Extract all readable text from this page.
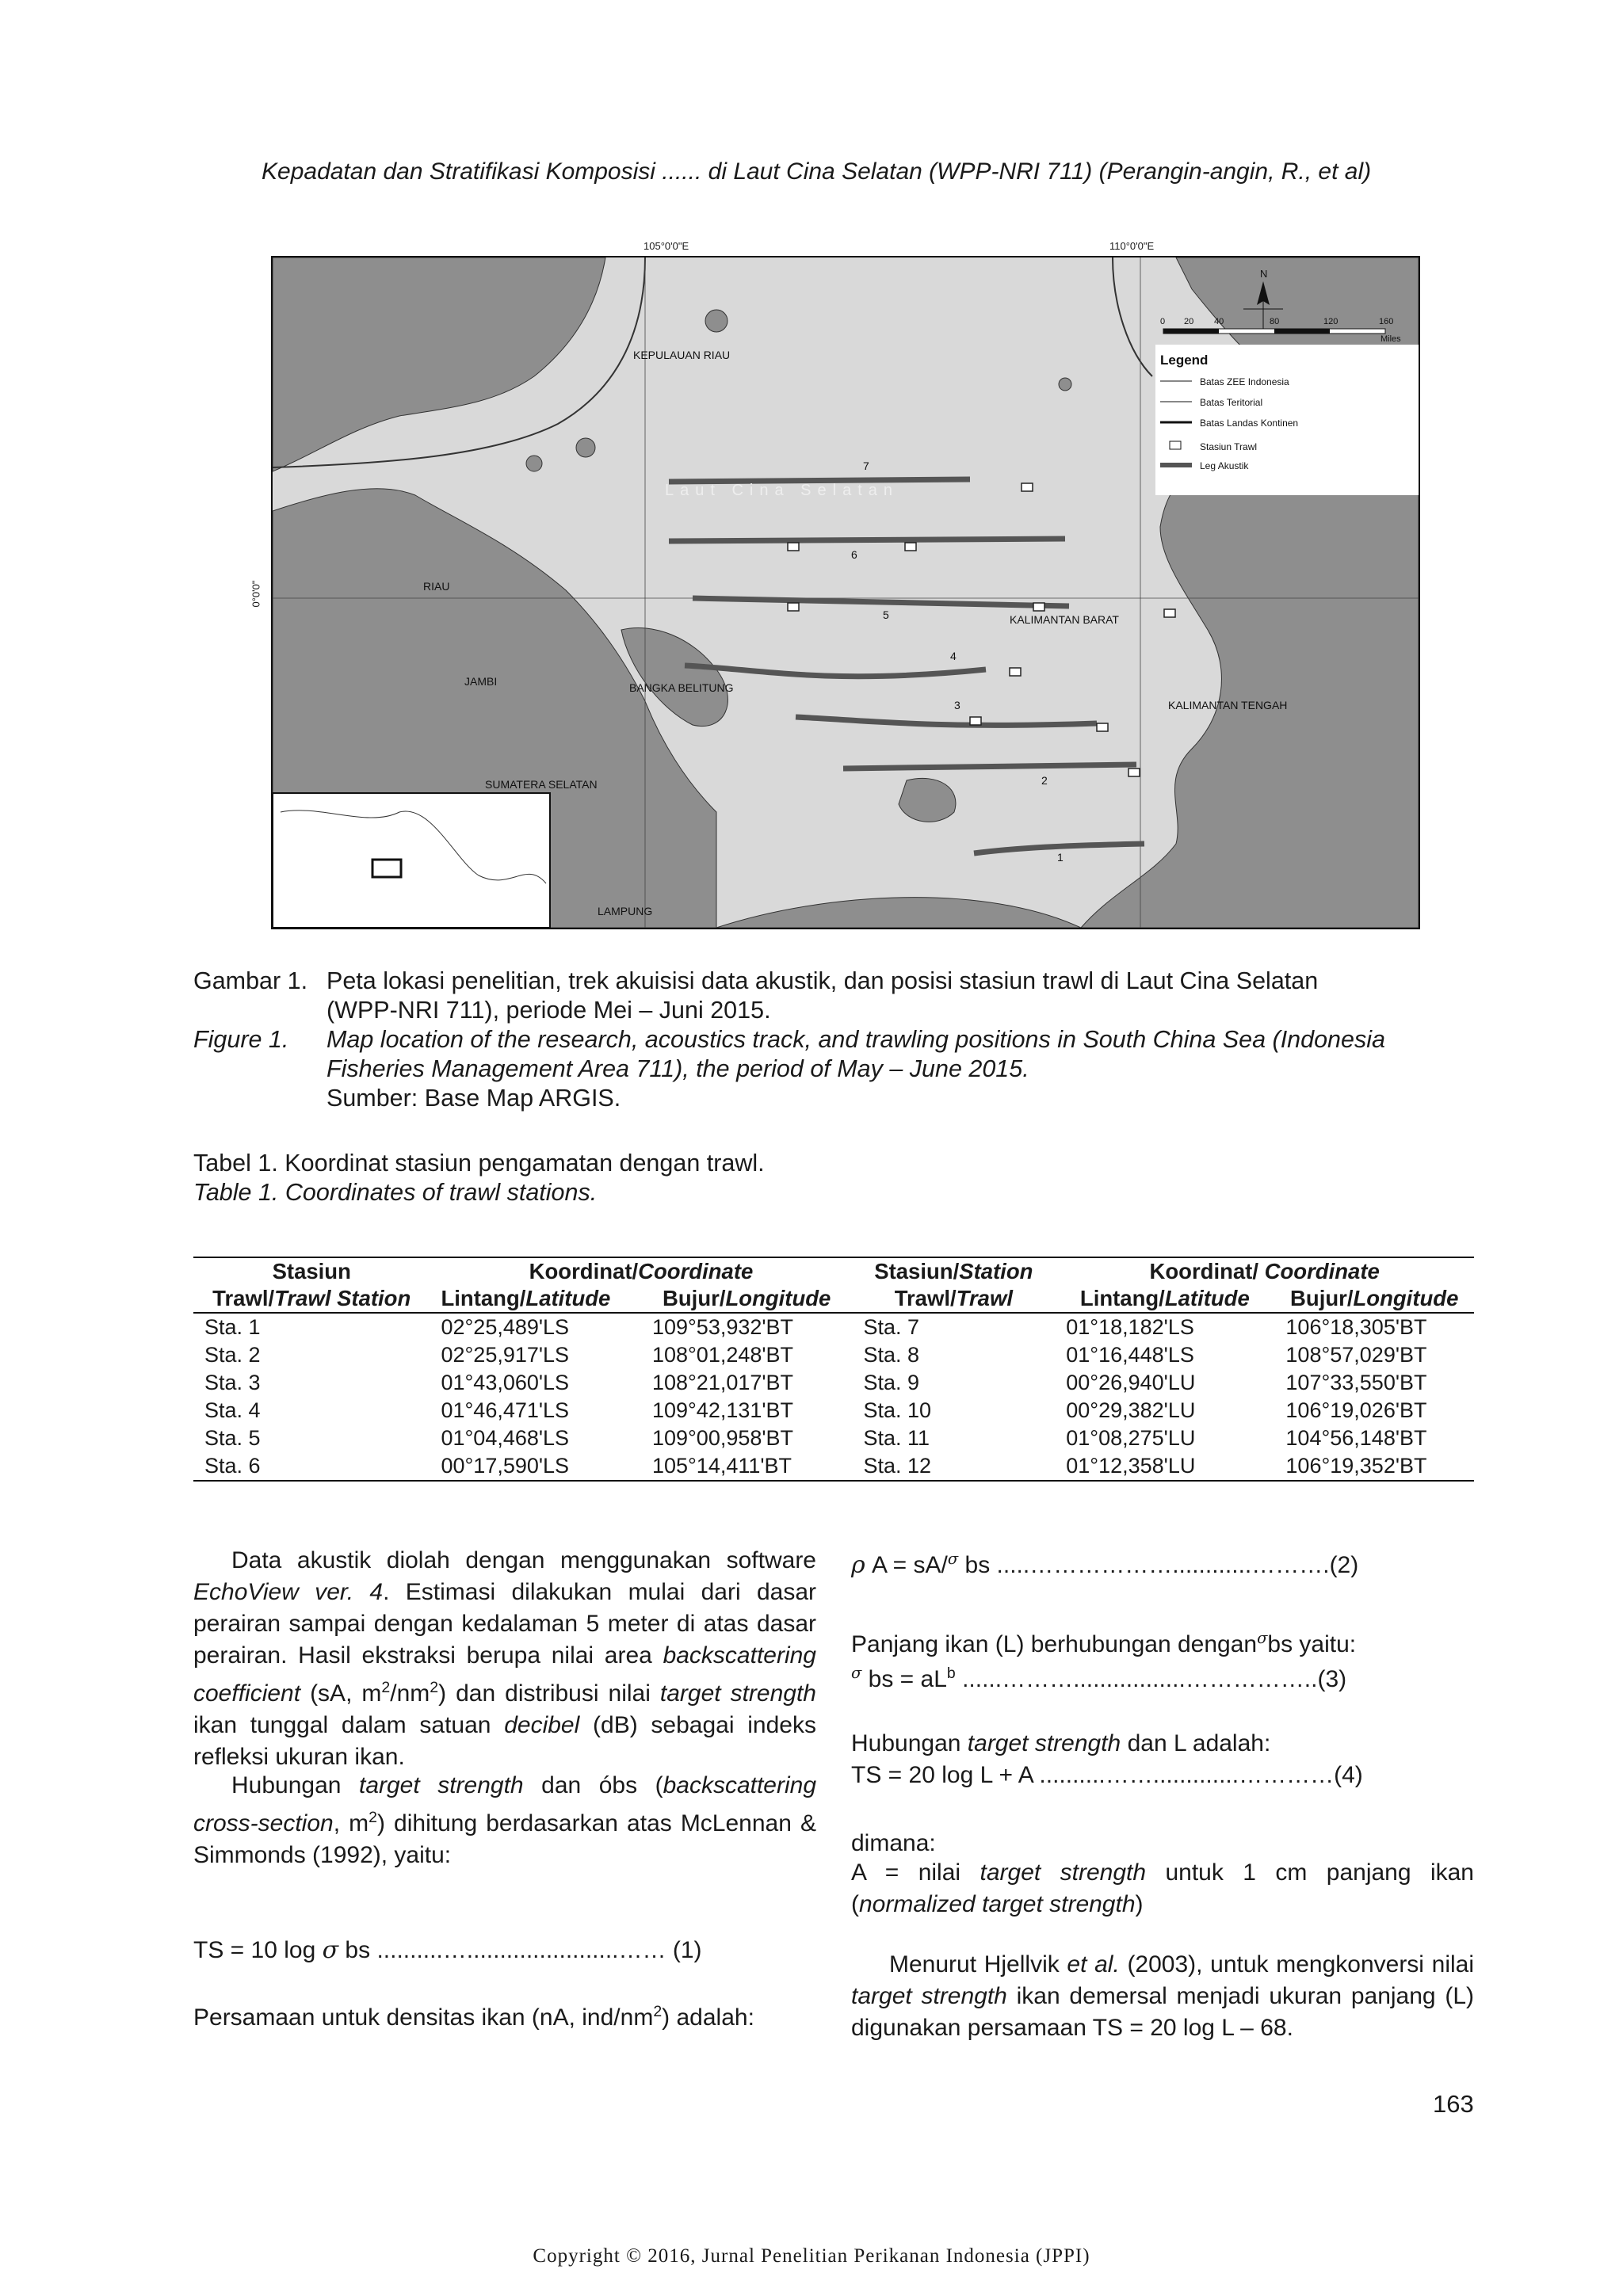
Kepadatan dan Stratifikasi Komposisi ...... di Laut Cina Selatan (WPP-NRI 711) (Perangin-angin, R., et al)
KEPULAUAN RIAU
Laut Cina Selatan
RIAU
KALIMANTAN BARAT
JAMBI	BANGKA BELITUNG
KALIMANTAN TENGAH
SUMATERA SELATAN
LAMPUNG
7
6
5
4
3
2
1
N
0 20 40	80	120	160
Miles
Legend
Batas ZEE Indonesia
Batas Teritorial
Batas Landas Kontinen
Stasiun Trawl
Leg Akustik
105°0'0"E	110°0'0"E
0°0'0"
Gambar 1. Peta lokasi penelitian, trek akuisisi data akustik, dan posisi stasiun trawl di Laut Cina Selatan
(WPP-NRI 711), periode Mei – Juni 2015.
Figure 1. Map location of the research, acoustics track, and trawling positions in South China Sea (Indonesia
Fisheries Management Area 711), the period of May – June 2015.
Sumber: Base Map ARGIS.
Tabel 1. Koordinat stasiun pengamatan dengan trawl.
Table 1. Coordinates of trawl stations.
Stasiun	Koordinat/Coordinate		Stasiun/Station	Koordinat/ Coordinate	
Trawl/Trawl Station	Lintang/Latitude	Bujur/Longitude	Trawl/Trawl	Lintang/Latitude	Bujur/Longitude
Sta. 1	02°25,489'LS	109°53,932'BT	Sta. 7	01°18,182'LS	106°18,305'BT
Sta. 2	02°25,917'LS	108°01,248'BT	Sta. 8	01°16,448'LS	108°57,029'BT
Sta. 3	01°43,060'LS	108°21,017'BT	Sta. 9	00°26,940'LU	107°33,550'BT
Sta. 4	01°46,471'LS	109°42,131'BT	Sta. 10	00°29,382'LU	106°19,026'BT
Sta. 5	01°04,468'LS	109°00,958'BT	Sta. 11	01°08,275'LU	104°56,148'BT
Sta. 6	00°17,590'LS	105°14,411'BT	Sta. 12	01°12,358'LU	106°19,352'BT
Data akustik diolah dengan menggunakan software EchoView ver. 4. Estimasi dilakukan mulai dari dasar perairan sampai dengan kedalaman 5 meter di atas dasar perairan. Hasil ekstraksi berupa nilai area backscattering coefficient (sA, $m^2/nm^2$) dan distribusi nilai target strength ikan tunggal dalam satuan decibel (dB) sebagai indeks refleksi ukuran ikan.
Hubungan target strength dan óbs (backscattering cross-section, $m^2$) dihitung berdasarkan atas McLennan & Simmonds (1992), yaitu:
TS = 10 log σ bs ..........….......................…… (1)
Persamaan untuk densitas ikan (nA, ind/$nm^2$) adalah:
ρ A = sA/$^\sigma$ bs .....………………............……….(2)
Panjang ikan (L) berhubungan dengan$^\sigma$bs yaitu:
$^\sigma$ bs = $aL^b$ ......……….................……………..(3)
Hubungan target strength dan L adalah:
TS = 20 log L + A ..........…….............…………(4)
dimana:
A = nilai target strength untuk 1 cm panjang ikan (normalized target strength)
Menurut Hjellvik et al. (2003), untuk mengkonversi nilai target strength ikan demersal menjadi ukuran panjang (L) digunakan persamaan TS = 20 log L – 68.
163
Copyright © 2016, Jurnal Penelitian Perikanan Indonesia (JPPI)
